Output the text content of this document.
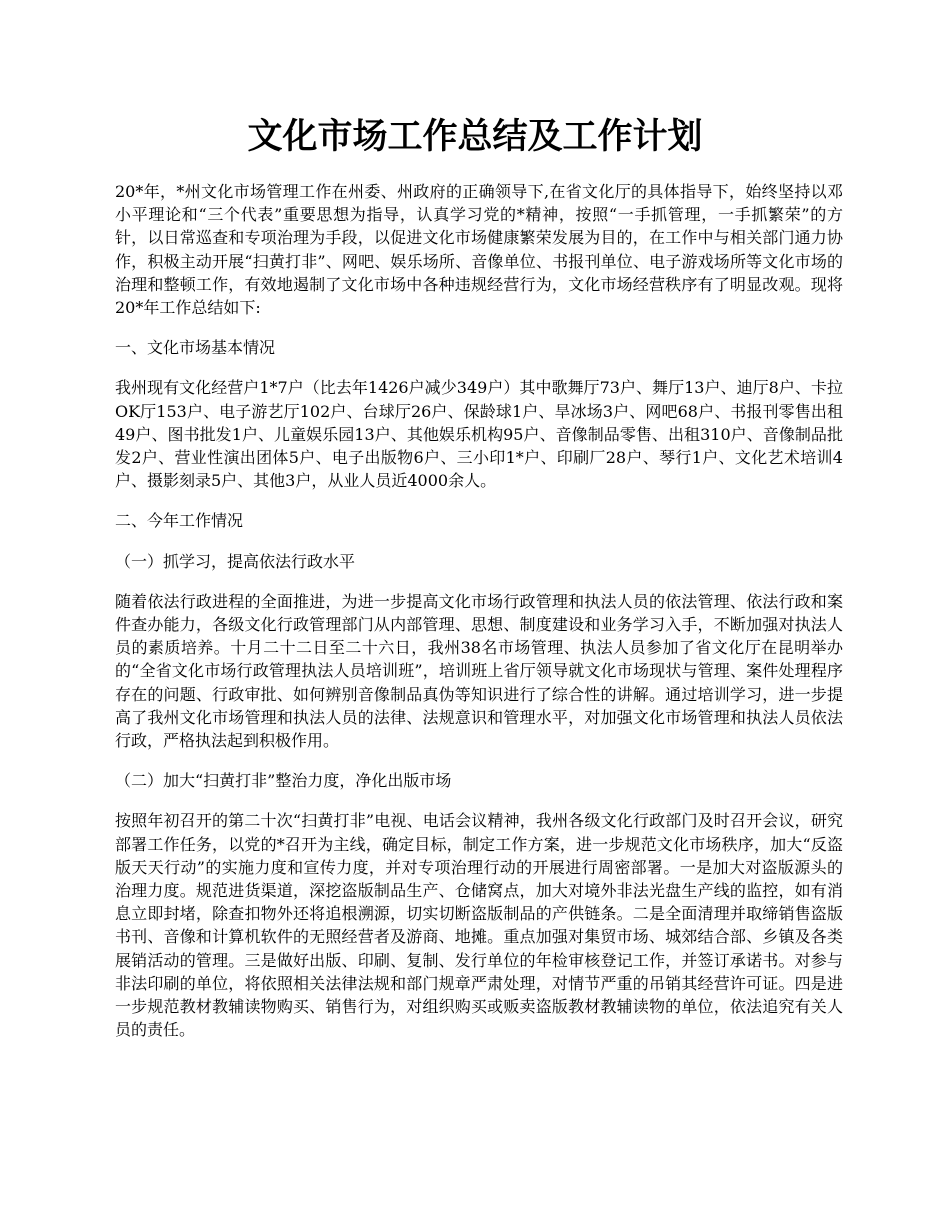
文化市场工作总结及工作计划

20*年，*州文化市场管理工作在州委、州政府的正确领导下,在省文化厅的具体指导下，始终坚持以邓小平理论和“三个代表”重要思想为指导，认真学习党的*精神，按照“一手抓管理，一手抓繁荣”的方针，以日常巡查和专项治理为手段，以促进文化市场健康繁荣发展为目的，在工作中与相关部门通力协作，积极主动开展“扫黄打非”、网吧、娱乐场所、音像单位、书报刊单位、电子游戏场所等文化市场的治理和整顿工作，有效地遏制了文化市场中各种违规经营行为，文化市场经营秩序有了明显改观。现将20*年工作总结如下:

一、文化市场基本情况

我州现有文化经营户1*7户（比去年1426户减少349户）其中歌舞厅73户、舞厅13户、迪厅8户、卡拉OK厅153户、电子游艺厅102户、台球厅26户、保龄球1户、旱冰场3户、网吧68户、书报刊零售出租49户、图书批发1户、儿童娱乐园13户、其他娱乐机构95户、音像制品零售、出租310户、音像制品批发2户、营业性演出团体5户、电子出版物6户、三小印1*户、印刷厂28户、琴行1户、文化艺术培训4户、摄影刻录5户、其他3户，从业人员近4000余人。

二、今年工作情况

（一）抓学习，提高依法行政水平

随着依法行政进程的全面推进，为进一步提高文化市场行政管理和执法人员的依法管理、依法行政和案件查办能力，各级文化行政管理部门从内部管理、思想、制度建设和业务学习入手，不断加强对执法人员的素质培养。十月二十二日至二十六日，我州38名市场管理、执法人员参加了省文化厅在昆明举办的“全省文化市场行政管理执法人员培训班”，培训班上省厅领导就文化市场现状与管理、案件处理程序存在的问题、行政审批、如何辨别音像制品真伪等知识进行了综合性的讲解。通过培训学习，进一步提高了我州文化市场管理和执法人员的法律、法规意识和管理水平，对加强文化市场管理和执法人员依法行政，严格执法起到积极作用。

（二）加大“扫黄打非”整治力度，净化出版市场

按照年初召开的第二十次“扫黄打非”电视、电话会议精神，我州各级文化行政部门及时召开会议，研究部署工作任务，以党的*召开为主线，确定目标，制定工作方案，进一步规范文化市场秩序，加大“反盗版天天行动”的实施力度和宣传力度，并对专项治理行动的开展进行周密部署。一是加大对盗版源头的治理力度。规范进货渠道，深挖盗版制品生产、仓储窝点，加大对境外非法光盘生产线的监控，如有消息立即封堵，除查扣物外还将追根溯源，切实切断盗版制品的产供链条。二是全面清理并取缔销售盗版书刊、音像和计算机软件的无照经营者及游商、地摊。重点加强对集贸市场、城郊结合部、乡镇及各类展销活动的管理。三是做好出版、印刷、复制、发行单位的年检审核登记工作，并签订承诺书。对参与非法印刷的单位，将依照相关法律法规和部门规章严肃处理，对情节严重的吊销其经营许可证。四是进一步规范教材教辅读物购买、销售行为，对组织购买或贩卖盗版教材教辅读物的单位，依法追究有关人员的责任。
